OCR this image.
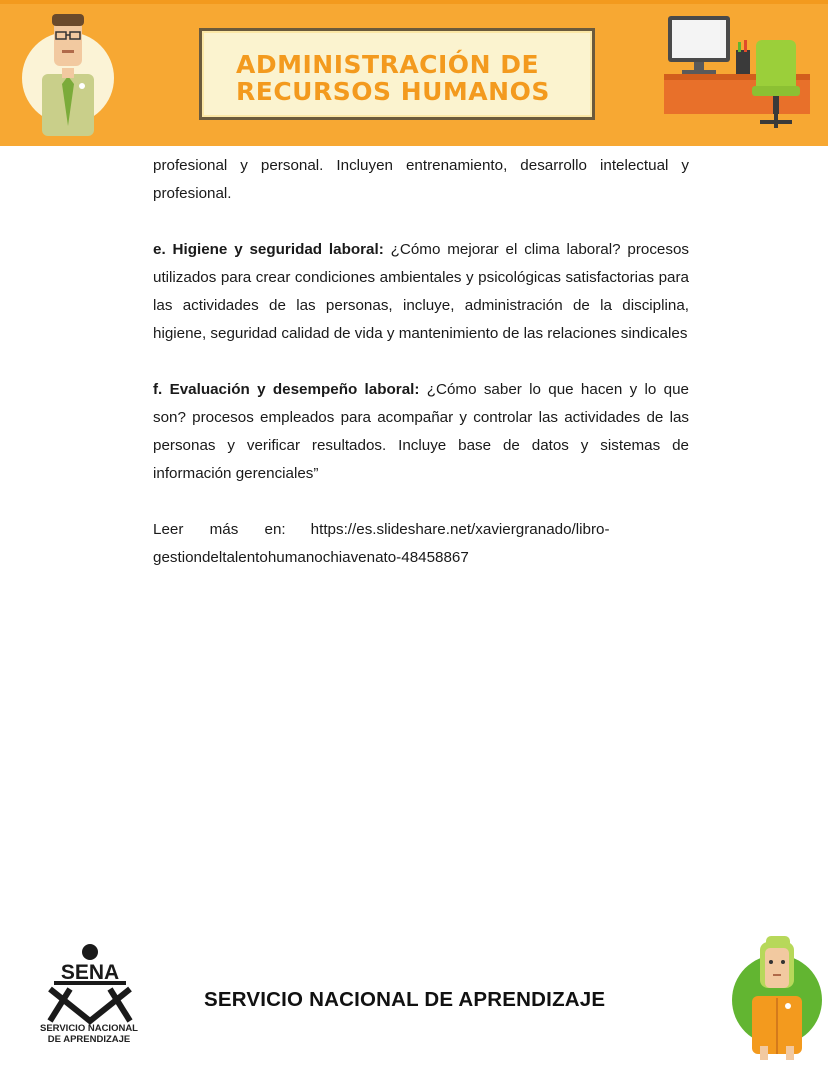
ADMINISTRACIÓN DE
RECURSOS HUMANOS

profesional y personal. Incluyen entrenamiento, desarrollo intelectual y profesional.

e. Higiene y seguridad laboral: ¿Cómo mejorar el clima laboral? procesos utilizados para crear condiciones ambientales y psicológicas satisfactorias para las actividades de las personas, incluye, administración de la disciplina, higiene, seguridad calidad de vida y mantenimiento de las relaciones sindicales

f. Evaluación y desempeño laboral: ¿Cómo saber lo que hacen y lo que son? procesos empleados para acompañar y controlar las actividades de las personas y verificar resultados. Incluye base de datos y sistemas de información gerenciales”

Leer más en: https://es.slideshare.net/xaviergranado/libro-
gestiondeltalentohumanochiavenato-48458867

SENA
SERVICIO NACIONAL
DE APRENDIZAJE
SERVICIO NACIONAL DE APRENDIZAJE
